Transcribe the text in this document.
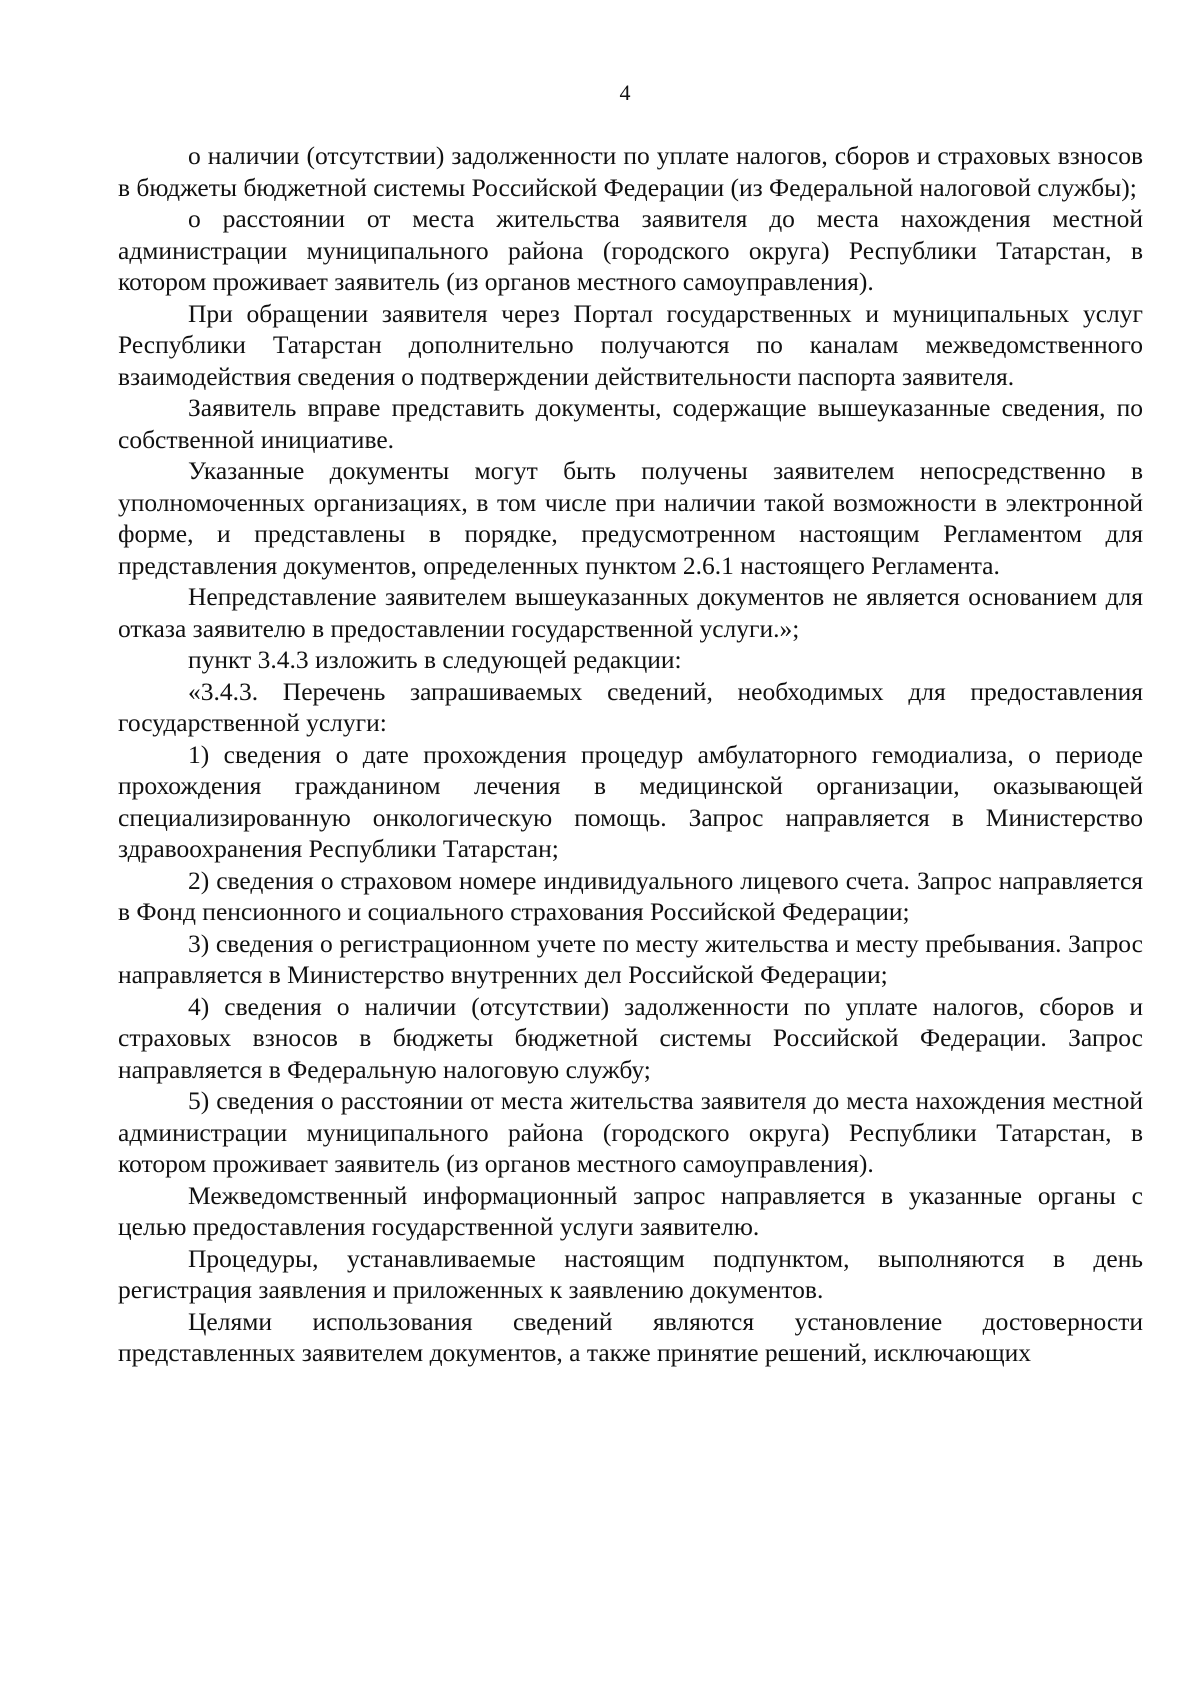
4

о наличии (отсутствии) задолженности по уплате налогов, сборов и страховых взносов в бюджеты бюджетной системы Российской Федерации (из Федеральной налоговой службы);

о расстоянии от места жительства заявителя до места нахождения местной администрации муниципального района (городского округа) Республики Татарстан, в котором проживает заявитель (из органов местного самоуправления).

При обращении заявителя через Портал государственных и муниципальных услуг Республики Татарстан дополнительно получаются по каналам межведомственного взаимодействия сведения о подтверждении действительности паспорта заявителя.

Заявитель вправе представить документы, содержащие вышеуказанные сведения, по собственной инициативе.

Указанные документы могут быть получены заявителем непосредственно в уполномоченных организациях, в том числе при наличии такой возможности в электронной форме, и представлены в порядке, предусмотренном настоящим Регламентом для представления документов, определенных пунктом 2.6.1 настоящего Регламента.

Непредставление заявителем вышеуказанных документов не является основанием для отказа заявителю в предоставлении государственной услуги.»;

пункт 3.4.3 изложить в следующей редакции:

«3.4.3. Перечень запрашиваемых сведений, необходимых для предоставления государственной услуги:

1) сведения о дате прохождения процедур амбулаторного гемодиализа, о периоде прохождения гражданином лечения в медицинской организации, оказывающей специализированную онкологическую помощь. Запрос направляется в Министерство здравоохранения Республики Татарстан;

2) сведения о страховом номере индивидуального лицевого счета. Запрос направляется в Фонд пенсионного и социального страхования Российской Федерации;

3) сведения о регистрационном учете по месту жительства и месту пребывания. Запрос направляется в Министерство внутренних дел Российской Федерации;

4) сведения о наличии (отсутствии) задолженности по уплате налогов, сборов и страховых взносов в бюджеты бюджетной системы Российской Федерации. Запрос направляется в Федеральную налоговую службу;

5) сведения о расстоянии от места жительства заявителя до места нахождения местной администрации муниципального района (городского округа) Республики Татарстан, в котором проживает заявитель (из органов местного самоуправления).

Межведомственный информационный запрос направляется в указанные органы с целью предоставления государственной услуги заявителю.

Процедуры, устанавливаемые настоящим подпунктом, выполняются в день регистрация заявления и приложенных к заявлению документов.

Целями использования сведений являются установление достоверности представленных заявителем документов, а также принятие решений, исключающих
